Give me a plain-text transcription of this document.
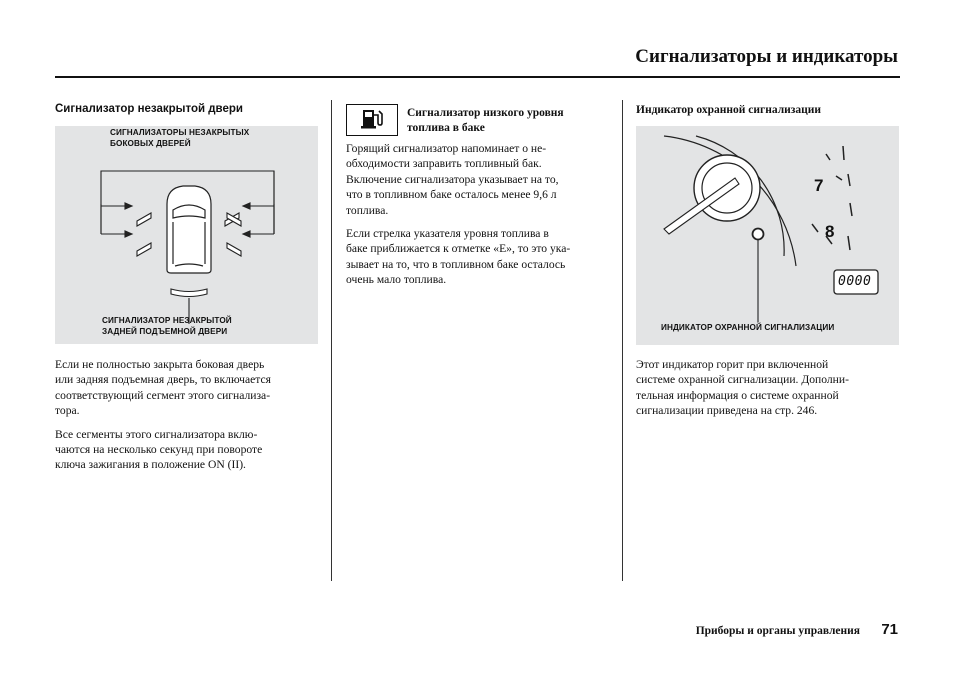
Сигнализаторы и индикаторы
Сигнализатор незакрытой двери
СИГНАЛИЗАТОРЫ НЕЗАКРЫТЫХ
БОКОВЫХ ДВЕРЕЙ
СИГНАЛИЗАТОР НЕЗАКРЫТОЙ
ЗАДНЕЙ ПОДЪЕМНОЙ ДВЕРИ

Если не полностью закрыта боковая дверь
или задняя подъемная дверь, то включается
соответствующий сегмент этого сигнализа-
тора.

Все сегменты этого сигнализатора вклю-
чаются на несколько секунд при повороте
ключа зажигания в положение ON (II).

Сигнализатор низкого уровня
топлива в баке

Горящий сигнализатор напоминает о не-
обходимости заправить топливный бак.
Включение сигнализатора указывает на то,
что в топливном баке осталось менее 9,6 л
топлива.

Если стрелка указателя уровня топлива в
баке приближается к отметке «E», то это ука-
зывает на то, что в топливном баке осталось
очень мало топлива.

Индикатор охранной сигнализации
7
8
0000
ИНДИКАТОР ОХРАННОЙ СИГНАЛИЗАЦИИ

Этот индикатор горит при включенной
системе охранной сигнализации. Дополни-
тельная информация о системе охранной
сигнализации приведена на стр. 246.

Приборы и органы управления 71
